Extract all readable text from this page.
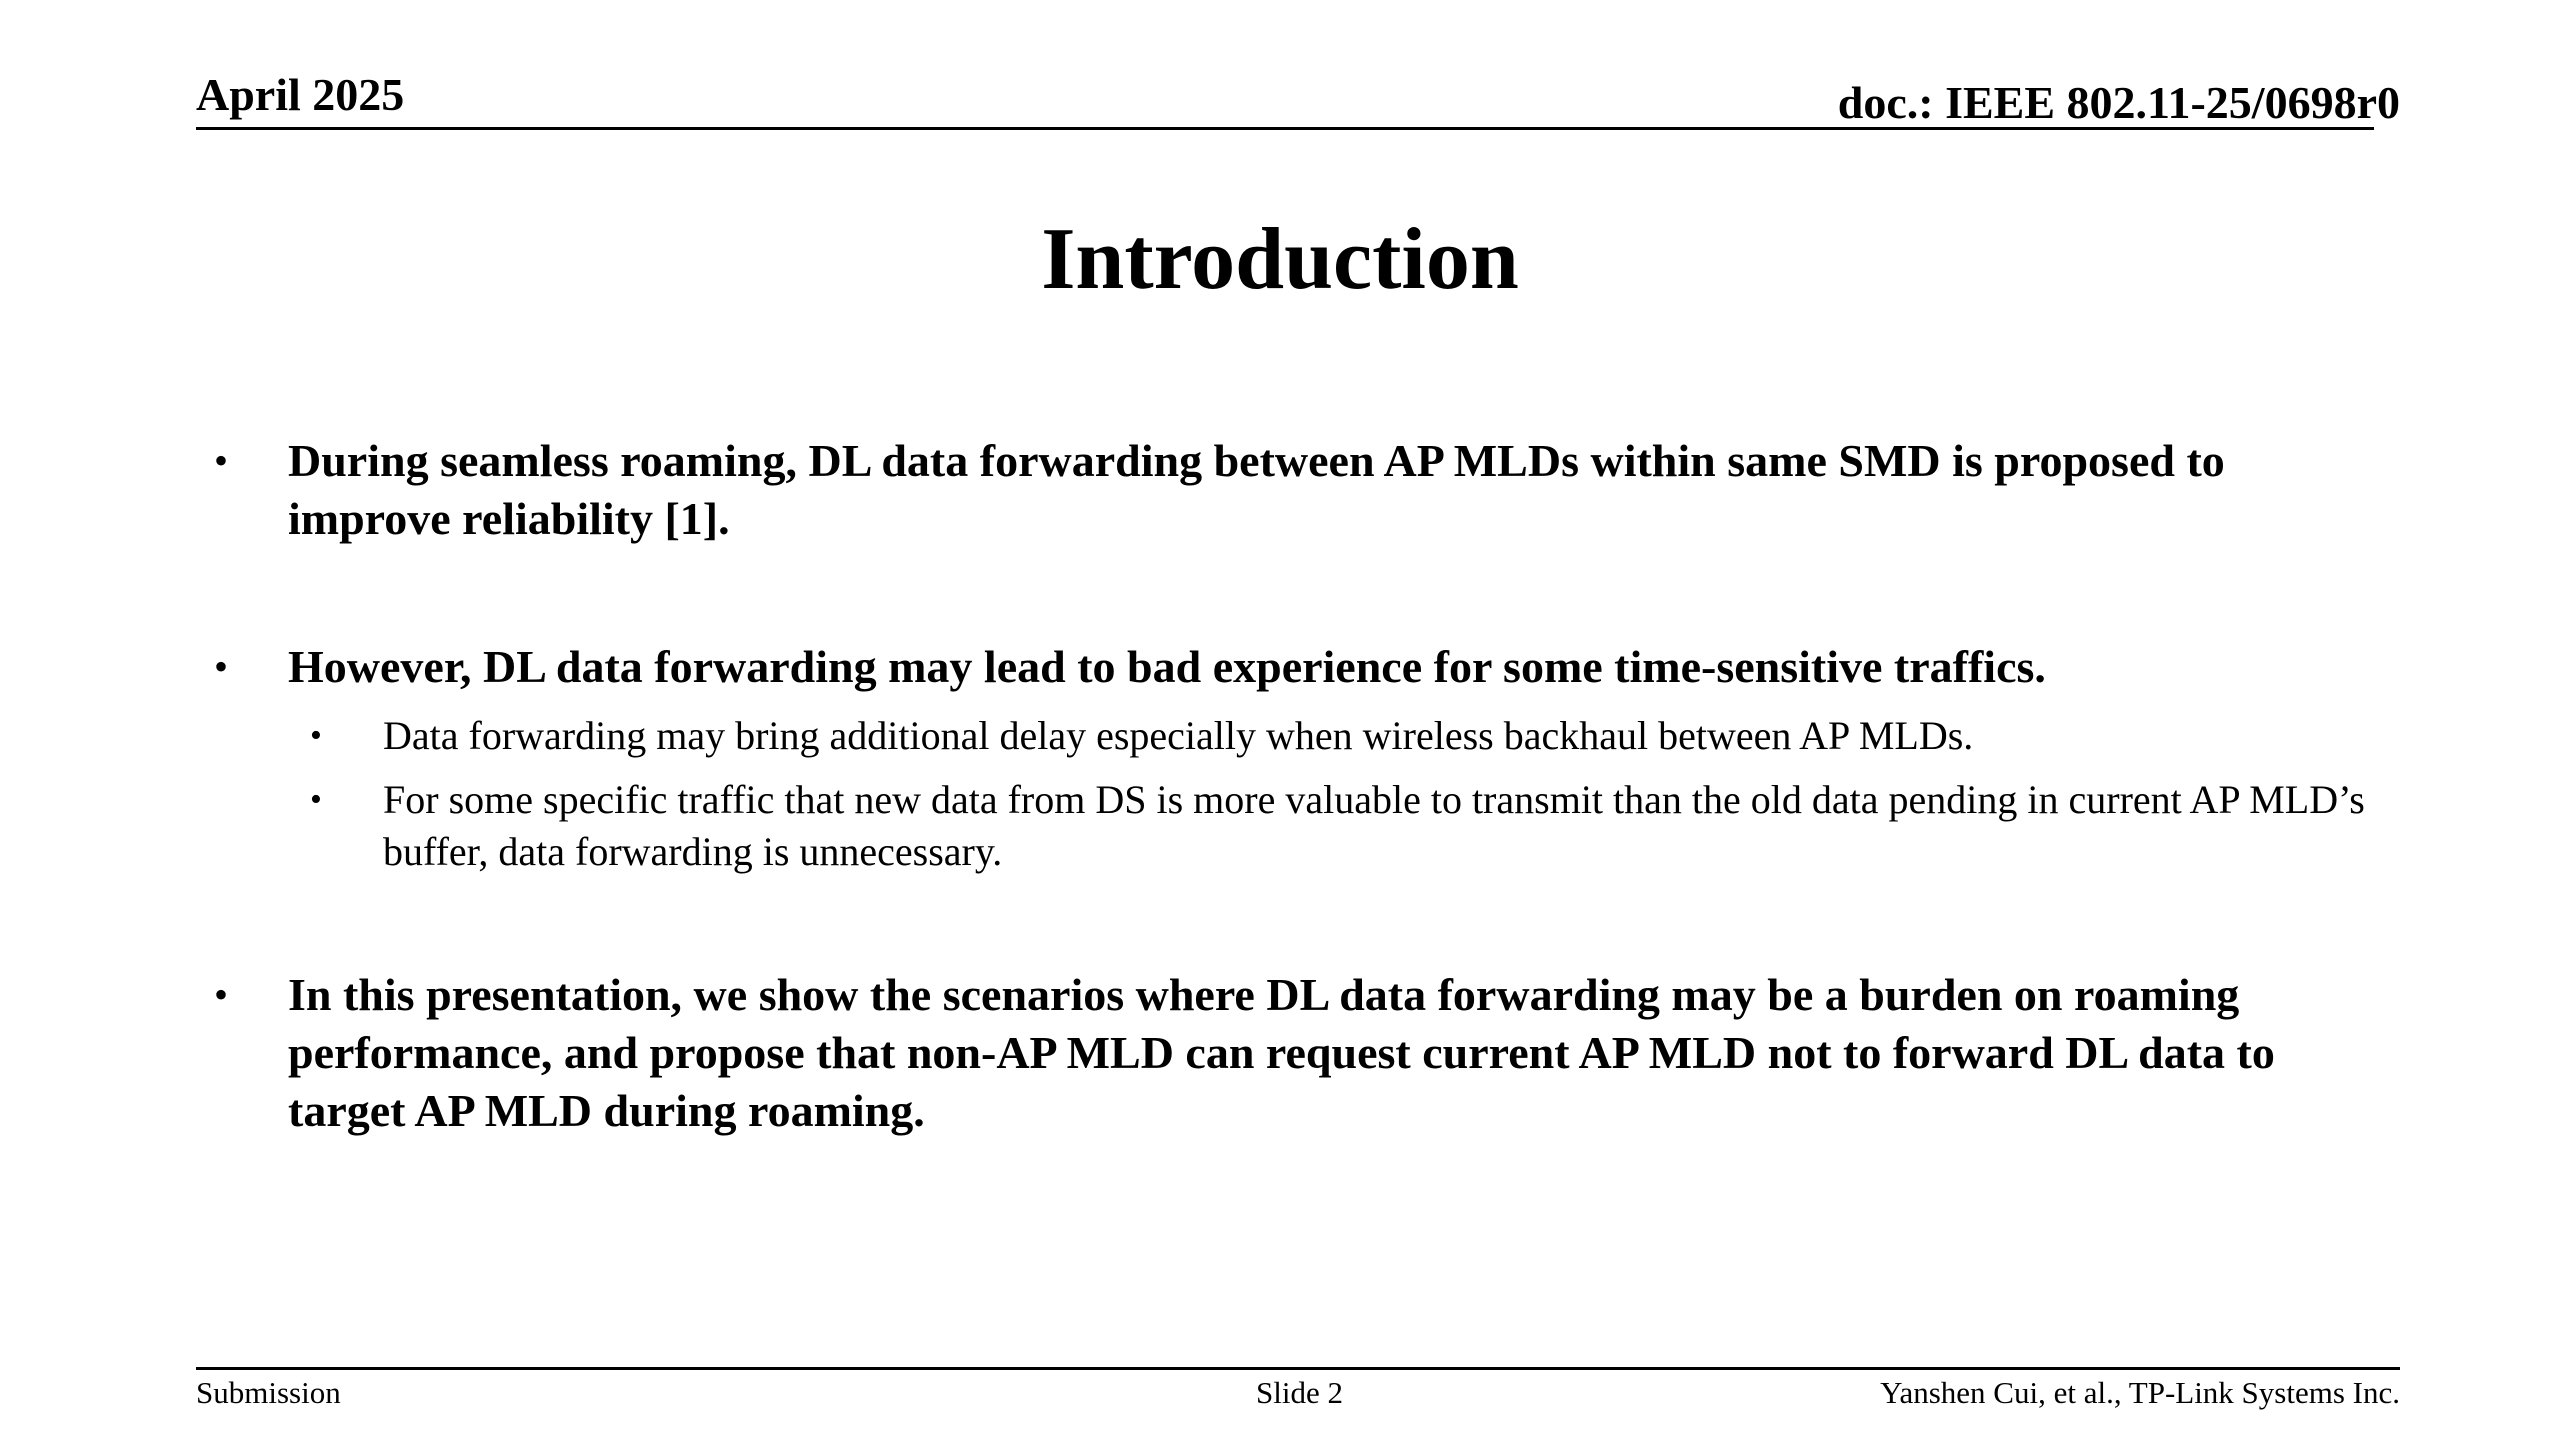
April 2025	doc.: IEEE 802.11-25/0698r0
Introduction
• During seamless roaming, DL data forwarding between AP MLDs within same SMD is proposed to improve reliability [1].
• However, DL data forwarding may lead to bad experience for some time-sensitive traffics.
• Data forwarding may bring additional delay especially when wireless backhaul between AP MLDs.
• For some specific traffic that new data from DS is more valuable to transmit than the old data pending in current AP MLD’s buffer, data forwarding is unnecessary.
• In this presentation, we show the scenarios where DL data forwarding may be a burden on roaming performance, and propose that non-AP MLD can request current AP MLD not to forward DL data to target AP MLD during roaming.
Submission	Slide 2	Yanshen Cui, et al., TP-Link Systems Inc.
